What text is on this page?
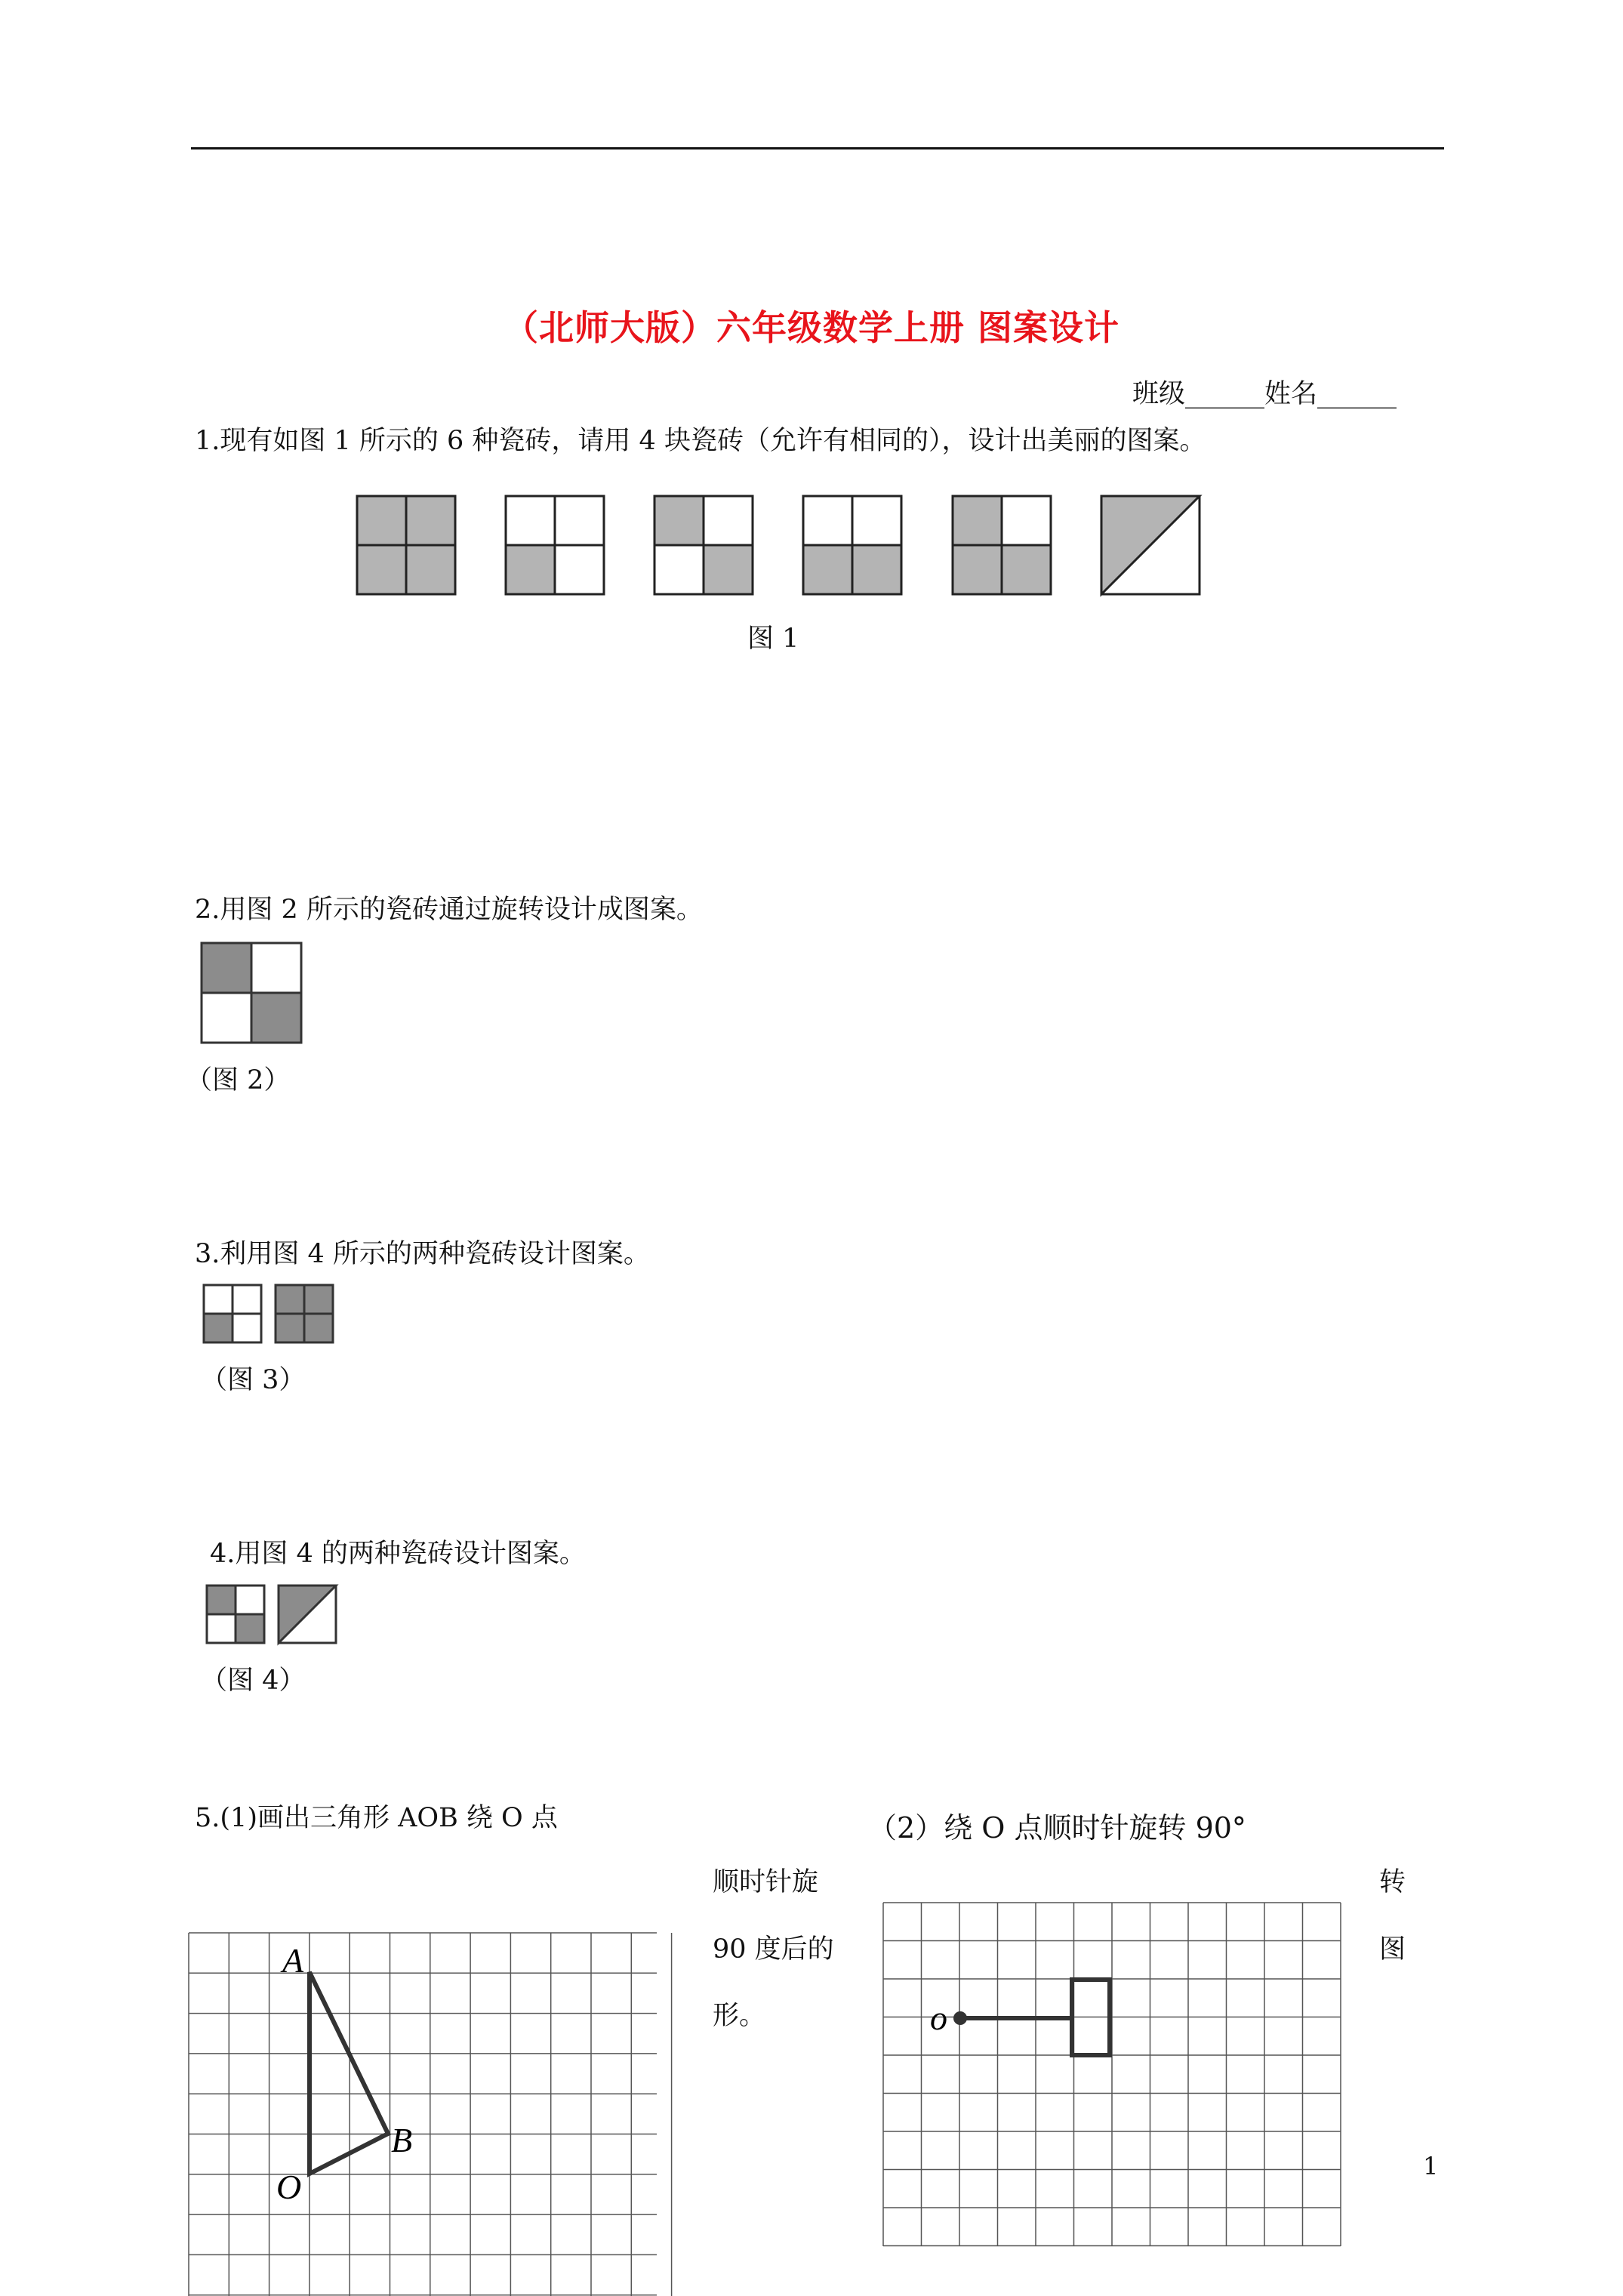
（北师大版）六年级数学上册 图案设计
班级______姓名______
1.现有如图 1 所示的 6 种瓷砖，请用 4 块瓷砖（允许有相同的），设计出美丽的图案。
图 1
2.用图 2 所示的瓷砖通过旋转设计成图案。
（图 2）
3.利用图 4 所示的两种瓷砖设计图案。
（图 3）
4.用图 4 的两种瓷砖设计图案。
（图 4）
5.(1)画出三角形 AOB 绕 O 点
顺时针旋
90 度后的
形。
（2）绕 O 点顺时针旋转 90°
转
图
A
B
O
o
1
